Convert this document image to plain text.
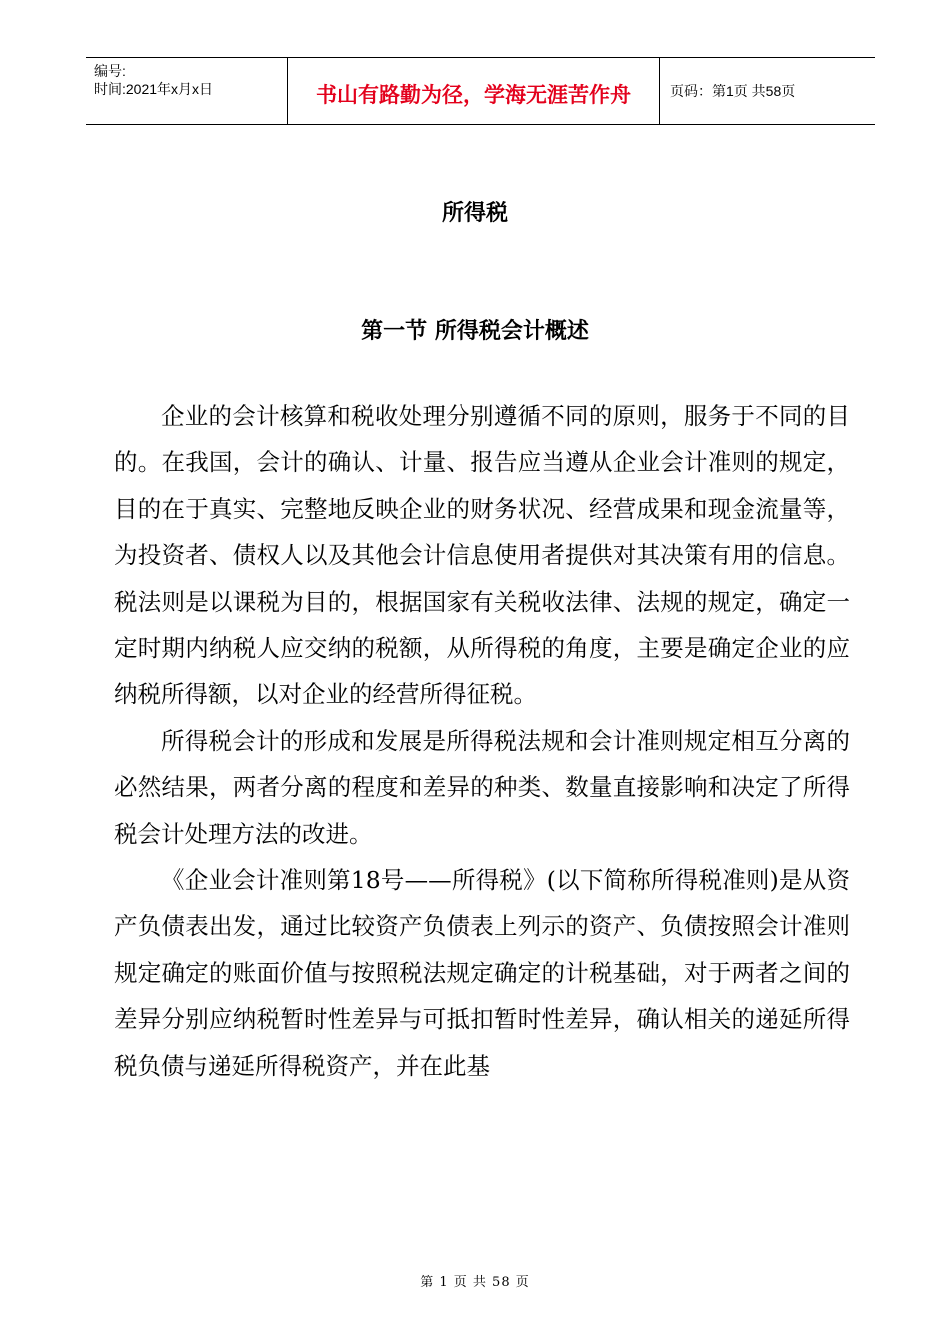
编号:
时间:2021年x月x日	书山有路勤为径，学海无涯苦作舟	页码：第1页 共58页
所得税
第一节 所得税会计概述

企业的会计核算和税收处理分别遵循不同的原则，服务于不同的目的。在我国，会计的确认、计量、报告应当遵从企业会计准则的规定，目的在于真实、完整地反映企业的财务状况、经营成果和现金流量等，为投资者、债权人以及其他会计信息使用者提供对其决策有用的信息。税法则是以课税为目的，根据国家有关税收法律、法规的规定，确定一定时期内纳税人应交纳的税额，从所得税的角度，主要是确定企业的应纳税所得额，以对企业的经营所得征税。

所得税会计的形成和发展是所得税法规和会计准则规定相互分离的必然结果，两者分离的程度和差异的种类、数量直接影响和决定了所得税会计处理方法的改进。

《企业会计准则第18号——所得税》(以下简称所得税准则)是从资产负债表出发，通过比较资产负债表上列示的资产、负债按照会计准则规定确定的账面价值与按照税法规定确定的计税基础，对于两者之间的差异分别应纳税暂时性差异与可抵扣暂时性差异，确认相关的递延所得税负债与递延所得税资产，并在此基

第 1 页 共 58 页
